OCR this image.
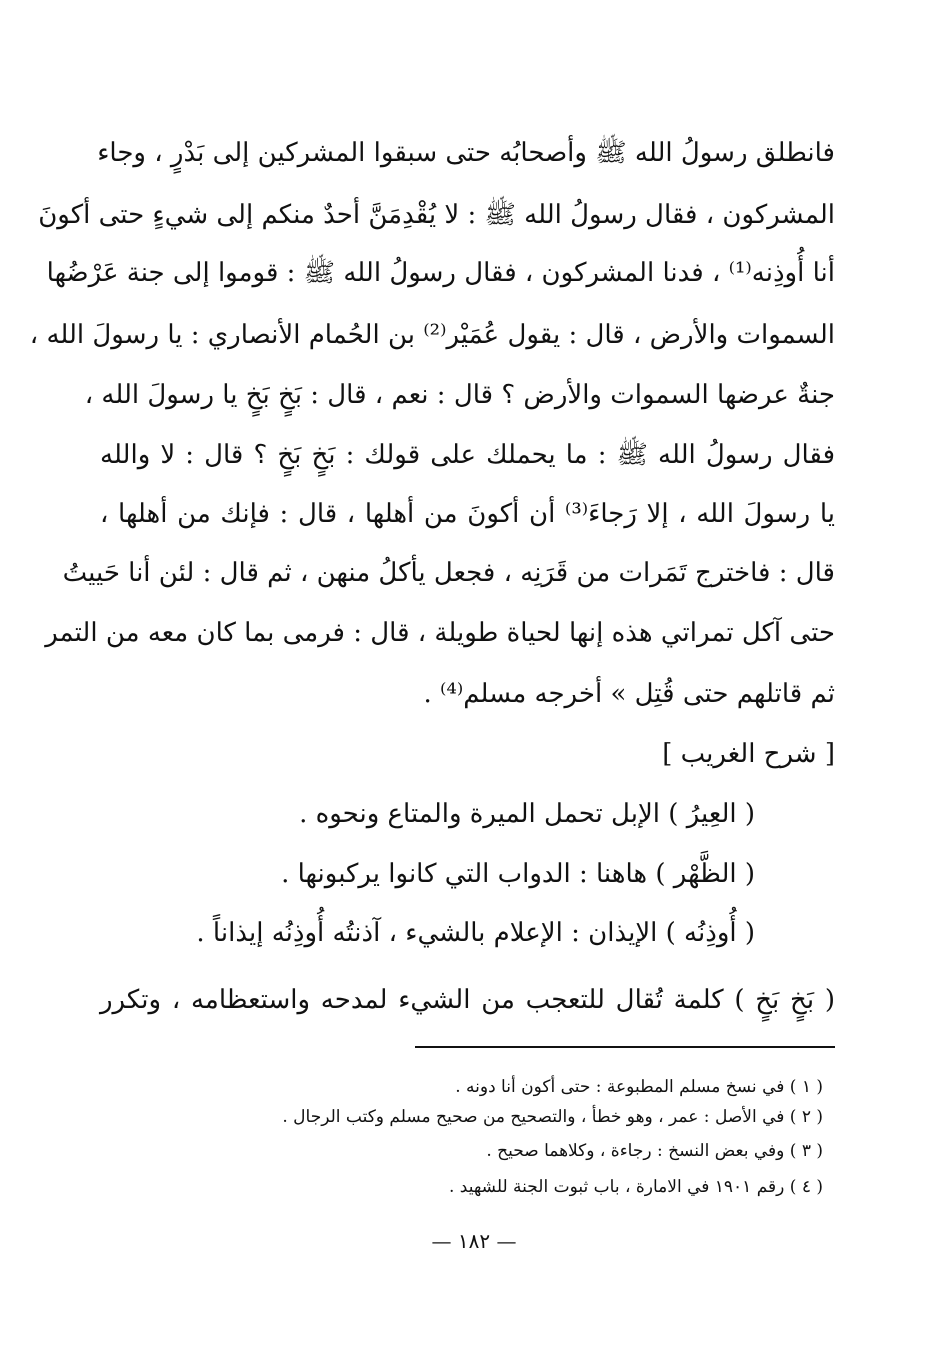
فانطلق رسولُ الله ﷺ وأصحابُه حتى سبقوا المشركين إلى بَدْرٍ ، وجاء
المشركون ، فقال رسولُ الله ﷺ : لا يُقْدِمَنَّ أحدٌ منكم إلى شيءٍ حتى أكونَ
أنا أُوذِنه⁽¹⁾ ، فدنا المشركون ، فقال رسولُ الله ﷺ : قوموا إلى جنة عَرْضُها
السموات والأرض ، قال : يقول عُمَيْر⁽²⁾ بن الحُمام الأنصاري : يا رسولَ الله ،
جنةٌ عرضها السموات والأرض ؟ قال : نعم ، قال : بَخٍ بَخٍ يا رسولَ الله ،
فقال رسولُ الله ﷺ : ما يحملك على قولك : بَخٍ بَخٍ ؟ قال : لا والله
يا رسولَ الله ، إلا رَجاءَ⁽³⁾ أن أكونَ من أهلها ، قال : فإنك من أهلها ،
قال : فاخترج تَمَرات من قَرَنِه ، فجعل يأكلُ منهن ، ثم قال : لئن أنا حَييتُ
حتى آكل تمراتي هذه إنها لحياة طويلة ، قال : فرمى بما كان معه من التمر
ثم قاتلهم حتى قُتِل » أخرجه مسلم⁽⁴⁾ .
[ شرح الغريب ]
( العِيرُ ) الإبل تحمل الميرة والمتاع ونحوه .
( الظَّهْر ) هاهنا : الدواب التي كانوا يركبونها .
( أُوذِنُه ) الإيذان : الإعلام بالشيء ، آذنتُه أُوذِنُه إيذاناً .
( بَخٍ بَخٍ ) كلمة تُقال للتعجب من الشيء لمدحه واستعظامه ، وتكرر
( ١ ) في نسخ مسلم المطبوعة : حتى أكون أنا دونه .
( ٢ ) في الأصل : عمر ، وهو خطأ ، والتصحيح من صحيح مسلم وكتب الرجال .
( ٣ ) وفي بعض النسخ : رجاءة ، وكلاهما صحيح .
( ٤ ) رقم ١٩٠١ في الامارة ، باب ثبوت الجنة للشهيد .
— ١٨٢ —
